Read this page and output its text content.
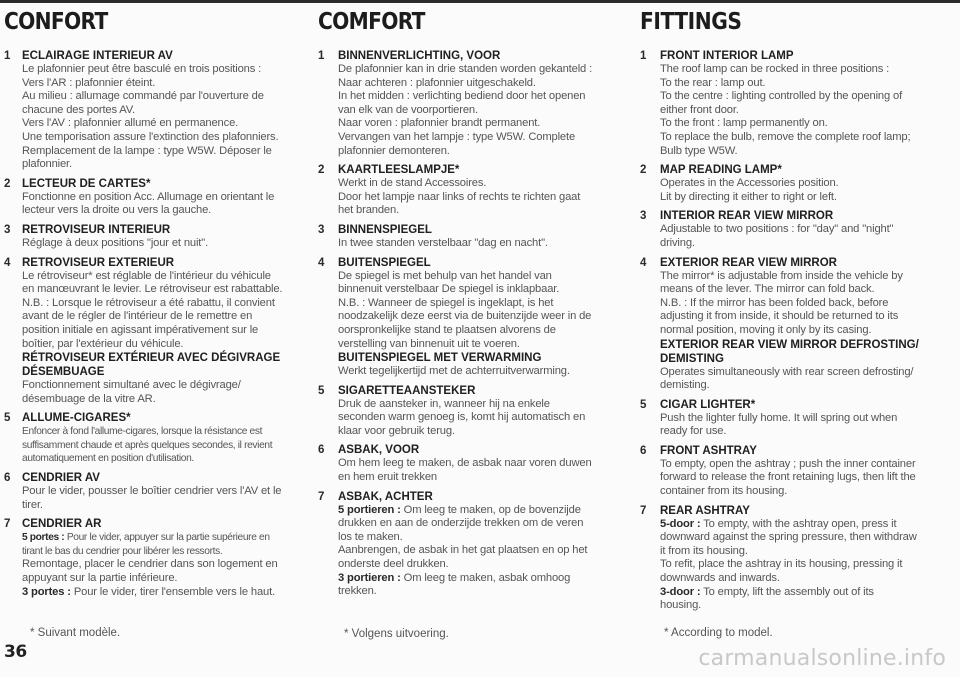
CONFORT
1 ECLAIRAGE INTERIEUR AV
Le plafonnier peut être basculé en trois positions :
Vers l'AR : plafonnier éteint.
Au milieu : allumage commandé par l'ouverture de
chacune des portes AV.
Vers l'AV : plafonnier allumé en permanence.
Une temporisation assure l'extinction des plafonniers.
Remplacement de la lampe : type W5W. Déposer le
plafonnier.
2 LECTEUR DE CARTES*
Fonctionne en position Acc. Allumage en orientant le
lecteur vers la droite ou vers la gauche.
3 RETROVISEUR INTERIEUR
Réglage à deux positions "jour et nuit".
4 RETROVISEUR EXTERIEUR
Le rétroviseur* est réglable de l'intérieur du véhicule
en manœuvrant le levier. Le rétroviseur est rabattable.
N.B. : Lorsque le rétroviseur a été rabattu, il convient
avant de le régler de l'intérieur de le remettre en
position initiale en agissant impérativement sur le
boîtier, par l'extérieur du véhicule.
RÉTROVISEUR EXTÉRIEUR AVEC DÉGIVRAGE
DÉSEMBUAGE
Fonctionnement simultané avec le dégivrage/
désembuage de la vitre AR.
5 ALLUME-CIGARES*
Enfoncer à fond l'allume-cigares, lorsque la résistance est
suffisamment chaude et après quelques secondes, il revient
automatiquement en position d'utilisation.
6 CENDRIER AV
Pour le vider, pousser le boîtier cendrier vers l'AV et le
tirer.
7 CENDRIER AR
5 portes : Pour le vider, appuyer sur la partie supérieure en
tirant le bas du cendrier pour libérer les ressorts.
Remontage, placer le cendrier dans son logement en
appuyant sur la partie inférieure.
3 portes : Pour le vider, tirer l'ensemble vers le haut.
COMFORT
1 BINNENVERLICHTING, VOOR
De plafonnier kan in drie standen worden gekanteld :
Naar achteren : plafonnier uitgeschakeld.
In het midden : verlichting bediend door het openen
van elk van de voorportieren.
Naar voren : plafonnier brandt permanent.
Vervangen van het lampje : type W5W. Complete
plafonnier demonteren.
2 KAARTLEESLAMPJE*
Werkt in de stand Accessoires.
Door het lampje naar links of rechts te richten gaat
het branden.
3 BINNENSPIEGEL
In twee standen verstelbaar "dag en nacht".
4 BUITENSPIEGEL
De spiegel is met behulp van het handel van
binnenuit verstelbaar De spiegel is inklapbaar.
N.B. : Wanneer de spiegel is ingeklapt, is het
noodzakelijk deze eerst via de buitenzijde weer in de
oorspronkelijke stand te plaatsen alvorens de
verstelling van binnenuit uit te voeren.
BUITENSPIEGEL MET VERWARMING
Werkt tegelijkertijd met de achterruitverwarming.
5 SIGARETTEAANSTEKER
Druk de aansteker in, wanneer hij na enkele
seconden warm genoeg is, komt hij automatisch en
klaar voor gebruik terug.
6 ASBAK, VOOR
Om hem leeg te maken, de asbak naar voren duwen
en hem eruit trekken
7 ASBAK, ACHTER
5 portieren : Om leeg te maken, op de bovenzijde
drukken en aan de onderzijde trekken om de veren
los te maken.
Aanbrengen, de asbak in het gat plaatsen en op het
onderste deel drukken.
3 portieren : Om leeg te maken, asbak omhoog
trekken.
FITTINGS
1 FRONT INTERIOR LAMP
The roof lamp can be rocked in three positions :
To the rear : lamp out.
To the centre : lighting controlled by the opening of
either front door.
To the front : lamp permanently on.
To replace the bulb, remove the complete roof lamp;
Bulb type W5W.
2 MAP READING LAMP*
Operates in the Accessories position.
Lit by directing it either to right or left.
3 INTERIOR REAR VIEW MIRROR
Adjustable to two positions : for "day" and "night"
driving.
4 EXTERIOR REAR VIEW MIRROR
The mirror* is adjustable from inside the vehicle by
means of the lever. The mirror can fold back.
N.B. : If the mirror has been folded back, before
adjusting it from inside, it should be returned to its
normal position, moving it only by its casing.
EXTERIOR REAR VIEW MIRROR DEFROSTING/
DEMISTING
Operates simultaneously with rear screen defrosting/
demisting.
5 CIGAR LIGHTER*
Push the lighter fully home. It will spring out when
ready for use.
6 FRONT ASHTRAY
To empty, open the ashtray ; push the inner container
forward to release the front retaining lugs, then lift the
container from its housing.
7 REAR ASHTRAY
5-door : To empty, with the ashtray open, press it
downward against the spring pressure, then withdraw
it from its housing.
To refit, place the ashtray in its housing, pressing it
downwards and inwards.
3-door : To empty, lift the assembly out of its
housing.
* Suivant modèle.	* Volgens uitvoering.	* According to model.
36	carmanualsonline.info
